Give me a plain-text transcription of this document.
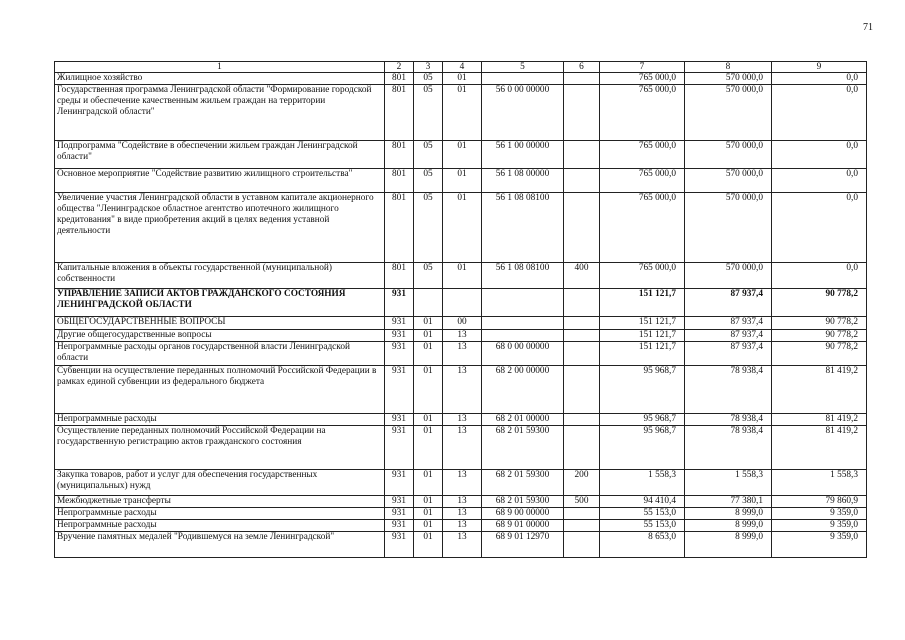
71
1	2	3	4	5	6	7	8	9
Жилищное хозяйство	801	05	01			765 000,0	570 000,0	0,0
Государственная программа Ленинградской области "Формирование городской среды и обеспечение качественным жильем граждан на территории Ленинградской области"	801	05	01	56 0 00 00000		765 000,0	570 000,0	0,0
Подпрограмма "Содействие в обеспечении жильем граждан Ленинградской области"	801	05	01	56 1 00 00000		765 000,0	570 000,0	0,0
Основное мероприятие "Содействие развитию жилищного строительства"	801	05	01	56 1 08 00000		765 000,0	570 000,0	0,0
Увеличение участия Ленинградской области в уставном капитале акционерного общества "Ленинградское областное агентство ипотечного жилищного кредитования" в виде приобретения акций в целях ведения уставной деятельности	801	05	01	56 1 08 08100		765 000,0	570 000,0	0,0
Капитальные вложения в объекты государственной (муниципальной) собственности	801	05	01	56 1 08 08100	400	765 000,0	570 000,0	0,0
УПРАВЛЕНИЕ ЗАПИСИ АКТОВ ГРАЖДАНСКОГО СОСТОЯНИЯ ЛЕНИНГРАДСКОЙ ОБЛАСТИ	931					151 121,7	87 937,4	90 778,2
ОБЩЕГОСУДАРСТВЕННЫЕ ВОПРОСЫ	931	01	00			151 121,7	87 937,4	90 778,2
Другие общегосударственные вопросы	931	01	13			151 121,7	87 937,4	90 778,2
Непрограммные расходы органов государственной власти Ленинградской области	931	01	13	68 0 00 00000		151 121,7	87 937,4	90 778,2
Субвенции на осуществление переданных полномочий Российской Федерации в рамках единой субвенции из федерального бюджета	931	01	13	68 2 00 00000		95 968,7	78 938,4	81 419,2
Непрограммные расходы	931	01	13	68 2 01 00000		95 968,7	78 938,4	81 419,2
Осуществление переданных полномочий Российской Федерации на государственную регистрацию актов гражданского состояния	931	01	13	68 2 01 59300		95 968,7	78 938,4	81 419,2
Закупка товаров, работ и услуг для обеспечения государственных (муниципальных) нужд	931	01	13	68 2 01 59300	200	1 558,3	1 558,3	1 558,3
Межбюджетные трансферты	931	01	13	68 2 01 59300	500	94 410,4	77 380,1	79 860,9
Непрограммные расходы	931	01	13	68 9 00 00000		55 153,0	8 999,0	9 359,0
Непрограммные расходы	931	01	13	68 9 01 00000		55 153,0	8 999,0	9 359,0
Вручение памятных медалей "Родившемуся на земле Ленинградской"	931	01	13	68 9 01 12970		8 653,0	8 999,0	9 359,0
